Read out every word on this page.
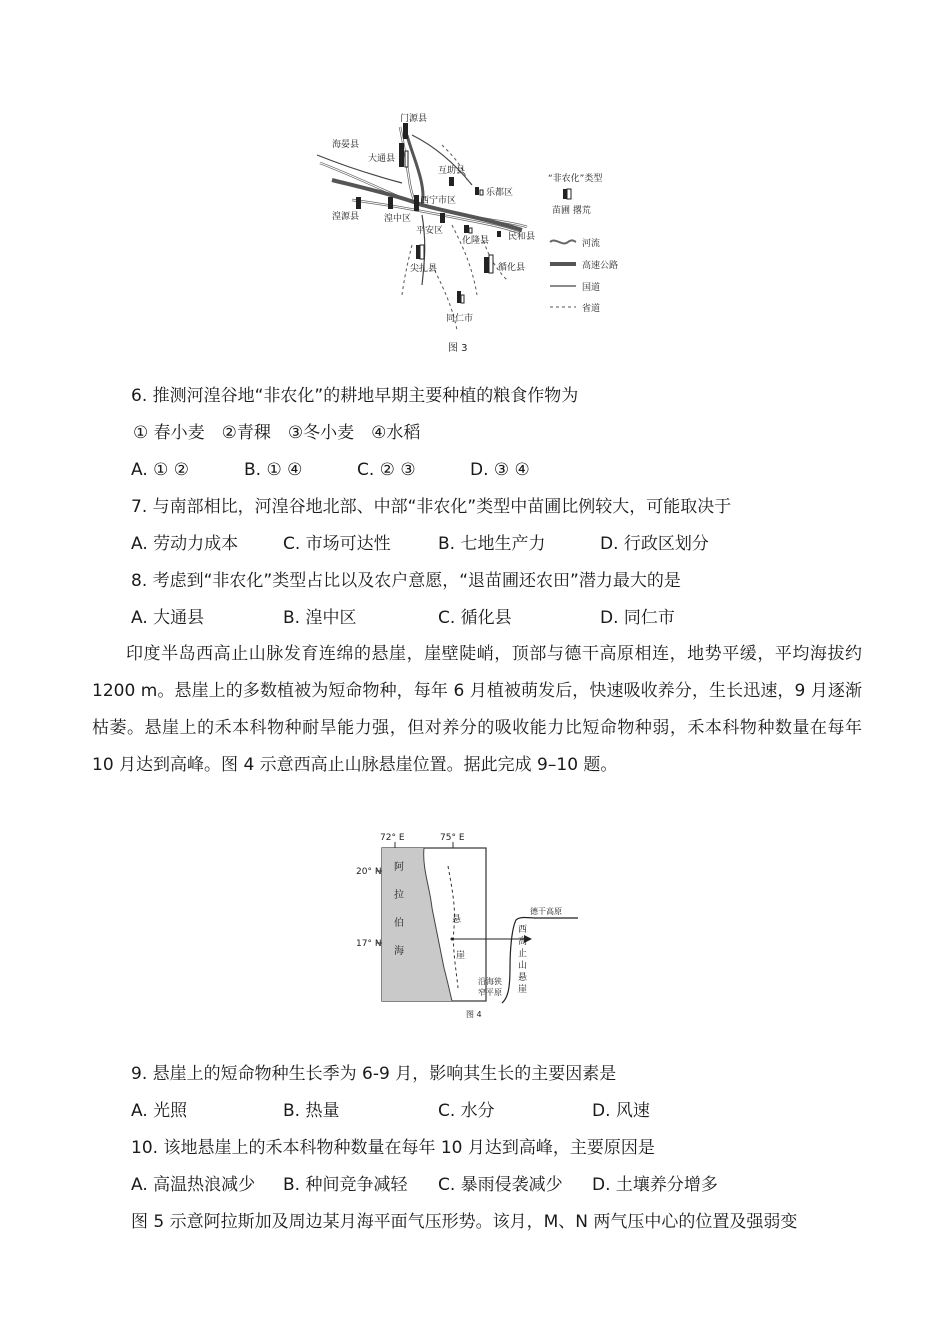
门源县
海晏县
大通县
互助县
乐都区
西宁市区
湟源县	湟中区
平安区
化隆县 民和县
尖扎县	循化县
同仁市
“非农化”类型
苗圃 撂荒
河流
高速公路
国道
省道
图 3
6. 推测河湟谷地“非农化”的耕地早期主要种植的粮食作物为
① 春小麦　②青稞　③冬小麦　④水稻
A. ① ②	B. ① ④	C. ② ③	D. ③ ④
7. 与南部相比，河湟谷地北部、中部“非农化”类型中苗圃比例较大，可能取决于
A. 劳动力成本	C. 市场可达性	B. 七地生产力	D. 行政区划分
8. 考虑到“非农化”类型占比以及农户意愿，“退苗圃还农田”潜力最大的是
A. 大通县	B. 湟中区	C. 循化县	D. 同仁市
印度半岛西高止山脉发育连绵的悬崖，崖壁陡峭，顶部与德干高原相连，地势平缓，平均海拔约 1200 m。悬崖上的多数植被为短命物种，每年 6 月植被萌发后，快速吸收养分，生长迅速，9 月逐渐枯萎。悬崖上的禾本科物种耐旱能力强，但对养分的吸收能力比短命物种弱，禾本科物种数量在每年 10 月达到高峰。图 4 示意西高止山脉悬崖位置。据此完成 9–10 题。
72° E	75° E
20° N
17° N
阿
拉
伯
海
悬
崖
德干高原
西
高
止
山
悬
崖
沿海狭
窄平原
图 4
9. 悬崖上的短命物种生长季为 6-9 月，影响其生长的主要因素是
A. 光照	B. 热量	C. 水分	D. 风速
10. 该地悬崖上的禾本科物种数量在每年 10 月达到高峰，主要原因是
A. 高温热浪减少 B. 种间竞争减轻 C. 暴雨侵袭减少 D. 土壤养分增多
图 5 示意阿拉斯加及周边某月海平面气压形势。该月，M、N 两气压中心的位置及强弱变
